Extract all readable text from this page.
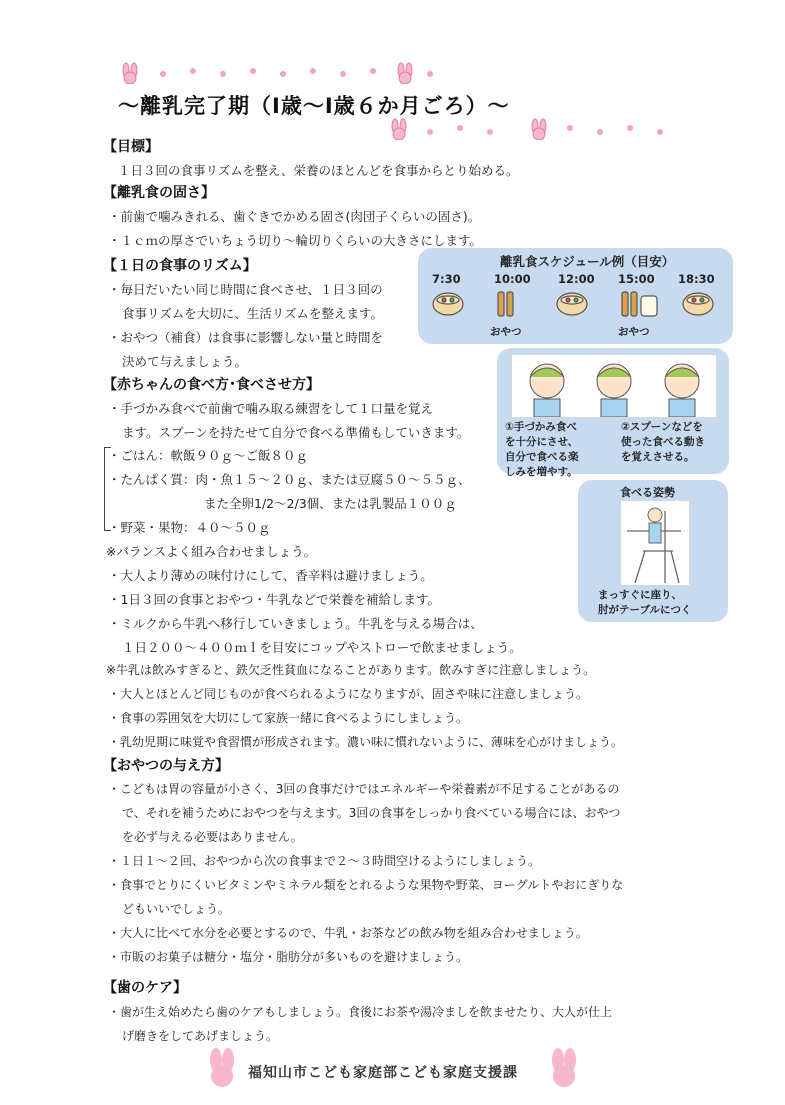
～離乳完了期（Ⅰ歳～Ⅰ歳６か月ごろ）～
【目標】
１日３回の食事リズムを整え、栄養のほとんどを食事からとり始める。
【離乳食の固さ】
・前歯で噛みきれる、歯ぐきでかめる固さ(肉団子くらいの固さ)。
・１ｃｍの厚さでいちょう切り～輪切りくらいの大きさにします。
【１日の食事のリズム】
・毎日だいたい同じ時間に食べさせ、１日３回の
食事リズムを大切に、生活リズムを整えます。
・おやつ（補食）は食事に影響しない量と時間を
決めて与えましょう。
離乳食スケジュール例（目安）
7:30	10:00 12:00 15:00 18:30
おやつ	おやつ
①手づかみ食べ
を十分にさせ、
自分で食べる楽
しみを増やす。
②スプーンなどを
使った食べる動き
を覚えさせる。
食べる姿勢
まっすぐに座り、
肘がテーブルにつく
【赤ちゃんの食べ方･食べさせ方】
・手づかみ食べで前歯で噛み取る練習をして１口量を覚え
ます。スプーンを持たせて自分で食べる準備もしていきます。
・ごはん：軟飯９０ｇ～ご飯８０ｇ
・たんぱく質：肉・魚１５～２０ｇ、または豆腐５０～５５ｇ、
また全卵1/2～2/3個、または乳製品１００ｇ
・野菜・果物：４０～５０ｇ
※バランスよく組み合わせましょう。
・大人より薄めの味付けにして、香辛料は避けましょう。
・1日３回の食事とおやつ・牛乳などで栄養を補給します。
・ミルクから牛乳へ移行していきましょう。牛乳を与える場合は、
１日２００～４００ｍｌを目安にコップやストローで飲ませましょう。
※牛乳は飲みすぎると、鉄欠乏性貧血になることがあります。飲みすぎに注意しましょう。
・大人とほとんど同じものが食べられるようになりますが、固さや味に注意しましょう。
・食事の雰囲気を大切にして家族一緒に食べるようにしましょう。
・乳幼児期に味覚や食習慣が形成されます。濃い味に慣れないように、薄味を心がけましょう。
【おやつの与え方】
・こどもは胃の容量が小さく、3回の食事だけではエネルギーや栄養素が不足することがあるの
で、それを補うためにおやつを与えます。3回の食事をしっかり食べている場合には、おやつ
を必ず与える必要はありません。
・１日１～２回、おやつから次の食事まで２～３時間空けるようにしましょう。
・食事でとりにくいビタミンやミネラル類をとれるような果物や野菜、ヨーグルトやおにぎりな
どもいいでしょう。
・大人に比べて水分を必要とするので、牛乳・お茶などの飲み物を組み合わせましょう。
・市販のお菓子は糖分・塩分・脂肪分が多いものを避けましょう。
【歯のケア】
・歯が生え始めたら歯のケアもしましょう。食後にお茶や湯冷ましを飲ませたり、大人が仕上
げ磨きをしてあげましょう。
福知山市こども家庭部こども家庭支援課
